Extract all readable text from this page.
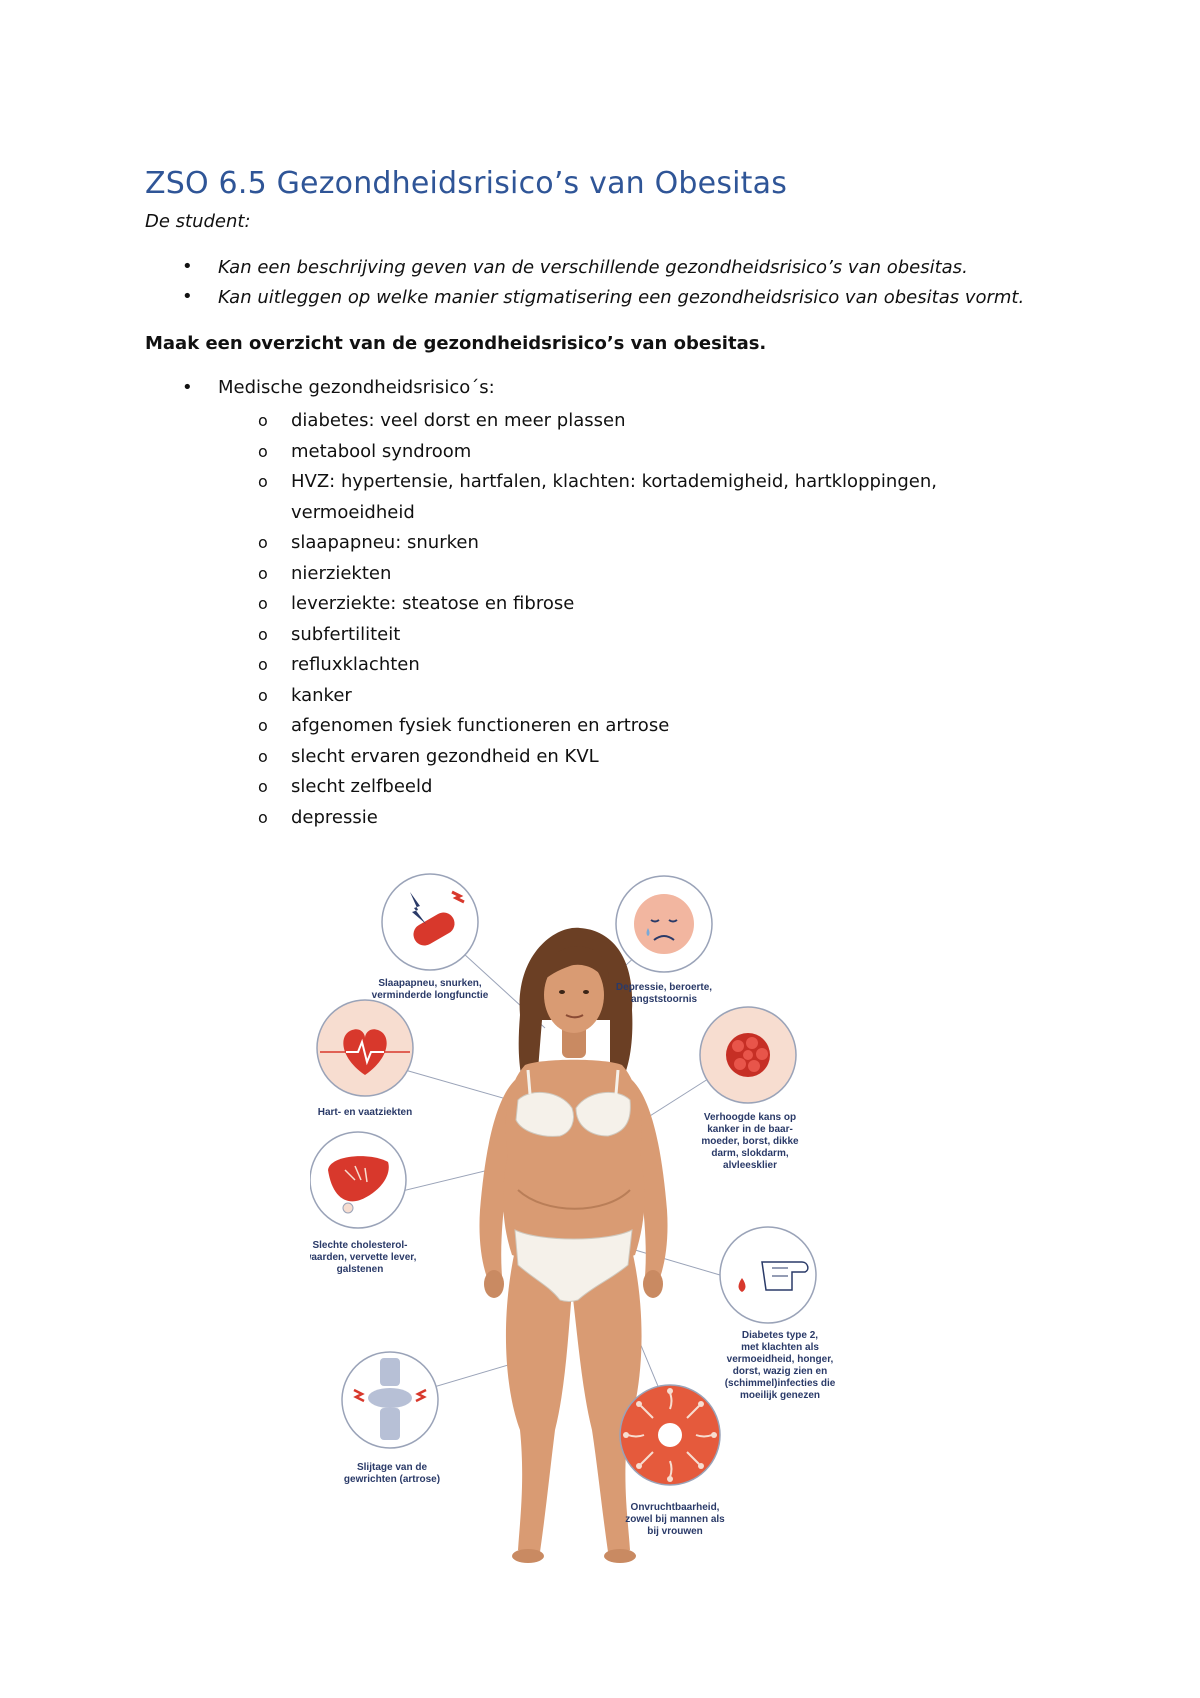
ZSO 6.5 Gezondheidsrisico’s van Obesitas
De student:
• Kan een beschrijving geven van de verschillende gezondheidsrisico’s van obesitas.
• Kan uitleggen op welke manier stigmatisering een gezondheidsrisico van obesitas vormt.
Maak een overzicht van de gezondheidsrisico’s van obesitas.
• Medische gezondheidsrisico´s:
o diabetes: veel dorst en meer plassen
o metabool syndroom
o HVZ: hypertensie, hartfalen, klachten: kortademigheid, hartkloppingen, vermoeidheid
o slaapapneu: snurken
o nierziekten
o leverziekte: steatose en fibrose
o subfertiliteit
o refluxklachten
o kanker
o afgenomen fysiek functioneren en artrose
o slecht ervaren gezondheid en KVL
o slecht zelfbeeld
o depressie
Slaapapneu, snurken,
verminderde longfunctie
Depressie, beroerte,
angststoornis
Hart- en vaatziekten	Verhoogde kans op
kanker in de baar-
moeder, borst, dikke
darm, slokdarm,
alvleesklier
Slechte cholesterol-
waarden, vervette lever,
galstenen
Diabetes type 2,
met klachten als
vermoeidheid, honger,
dorst, wazig zien en
(schimmel)infecties die
moeilijk genezen
Slijtage van de
gewrichten (artrose)
Onvruchtbaarheid,
zowel bij mannen als
bij vrouwen
